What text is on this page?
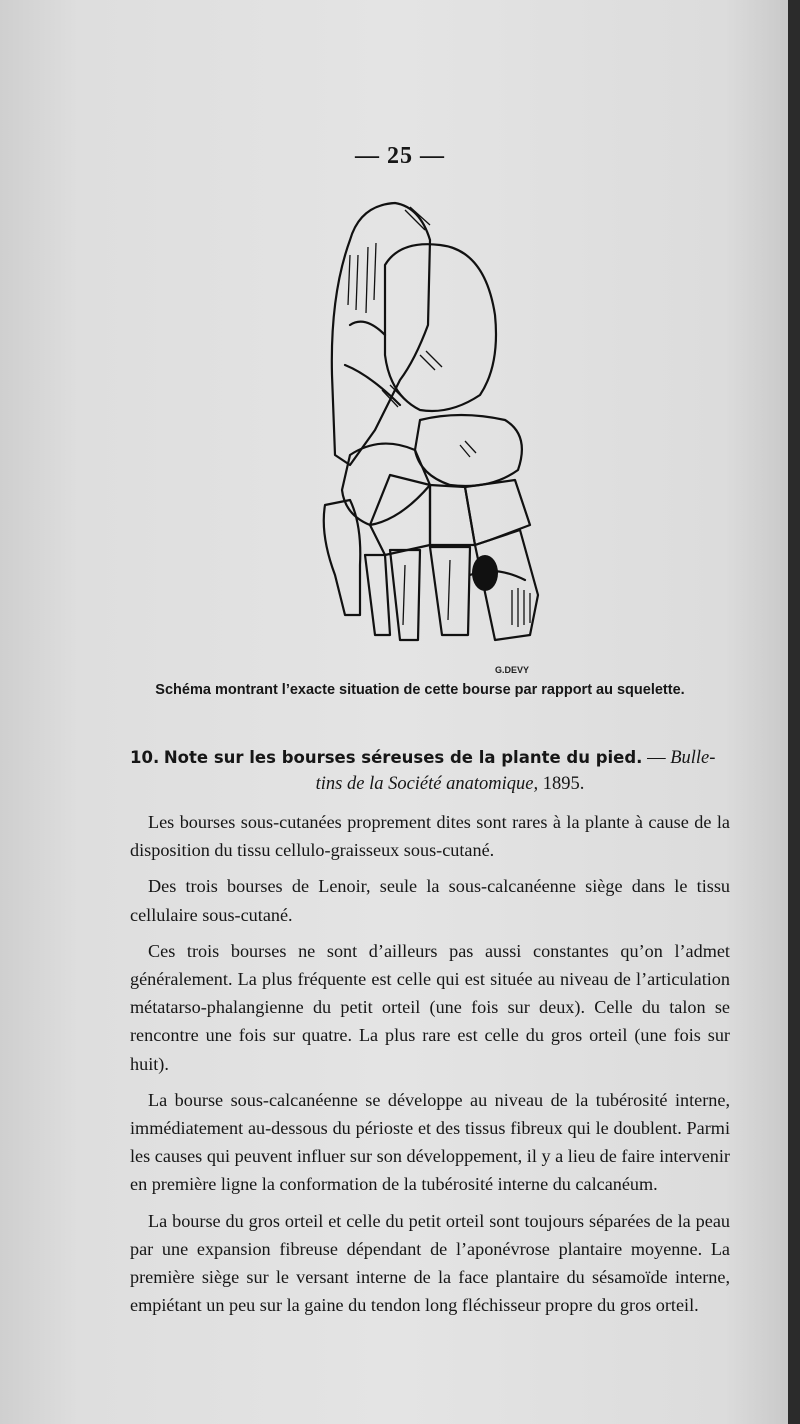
— 25 —
G.DEVY
Schéma montrant l’exacte situation de cette bourse par rapport au squelette.
10. Note sur les bourses séreuses de la plante du pied. — Bulle-
tins de la Société anatomique, 1895.

Les bourses sous-cutanées proprement dites sont rares à la plante à cause de la disposition du tissu cellulo-graisseux sous-cutané.

Des trois bourses de Lenoir, seule la sous-calcanéenne siège dans le tissu cellulaire sous-cutané.

Ces trois bourses ne sont d’ailleurs pas aussi constantes qu’on l’admet généralement. La plus fréquente est celle qui est située au niveau de l’articulation métatarso-phalangienne du petit orteil (une fois sur deux). Celle du talon se rencontre une fois sur quatre. La plus rare est celle du gros orteil (une fois sur huit).

La bourse sous-calcanéenne se développe au niveau de la tubérosité interne, immédiatement au-dessous du périoste et des tissus fibreux qui le doublent. Parmi les causes qui peuvent influer sur son développement, il y a lieu de faire intervenir en première ligne la conformation de la tubérosité interne du calcanéum.

La bourse du gros orteil et celle du petit orteil sont toujours séparées de la peau par une expansion fibreuse dépendant de l’aponévrose plantaire moyenne. La première siège sur le versant interne de la face plantaire du sésamoïde interne, empiétant un peu sur la gaine du tendon long fléchisseur propre du gros orteil.
